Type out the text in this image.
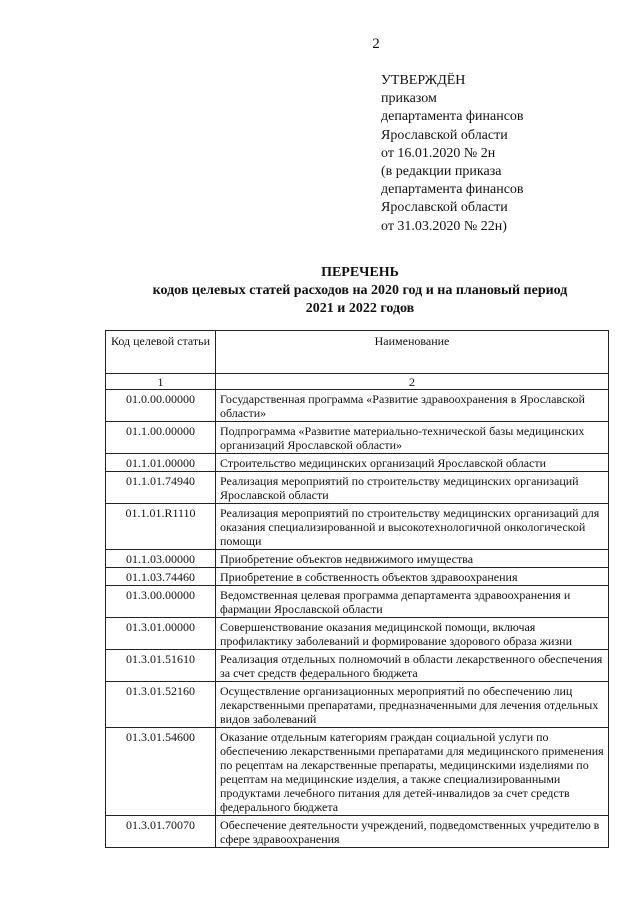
2
УТВЕРЖДЁН
приказом
департамента финансов
Ярославской области
от 16.01.2020 № 2н
(в редакции приказа
департамента финансов
Ярославской области
от 31.03.2020 № 22н)
ПЕРЕЧЕНЬ
кодов целевых статей расходов на 2020 год и на плановый период
2021 и 2022 годов
Код целевой статьи	Наименование
1	2
01.0.00.00000	Государственная программа «Развитие здравоохранения в Ярославской области»
01.1.00.00000	Подпрограмма «Развитие материально-технической базы медицинских организаций Ярославской области»
01.1.01.00000	Строительство медицинских организаций Ярославской области
01.1.01.74940	Реализация мероприятий по строительству медицинских организаций Ярославской области
01.1.01.R1110	Реализация мероприятий по строительству медицинских организаций для оказания специализированной и высокотехнологичной онкологической помощи
01.1.03.00000	Приобретение объектов недвижимого имущества
01.1.03.74460	Приобретение в собственность объектов здравоохранения
01.3.00.00000	Ведомственная целевая программа департамента здравоохранения и фармации Ярославской области
01.3.01.00000	Совершенствование оказания медицинской помощи, включая профилактику заболеваний и формирование здорового образа жизни
01.3.01.51610	Реализация отдельных полномочий в области лекарственного обеспечения за счет средств федерального бюджета
01.3.01.52160	Осуществление организационных мероприятий по обеспечению лиц лекарственными препаратами, предназначенными для лечения отдельных видов заболеваний
01.3.01.54600	Оказание отдельным категориям граждан социальной услуги по обеспечению лекарственными препаратами для медицинского применения по рецептам на лекарственные препараты, медицинскими изделиями по рецептам на медицинские изделия, а также специализированными продуктами лечебного питания для детей-инвалидов за счет средств федерального бюджета
01.3.01.70070	Обеспечение деятельности учреждений, подведомственных учредителю в сфере здравоохранения
